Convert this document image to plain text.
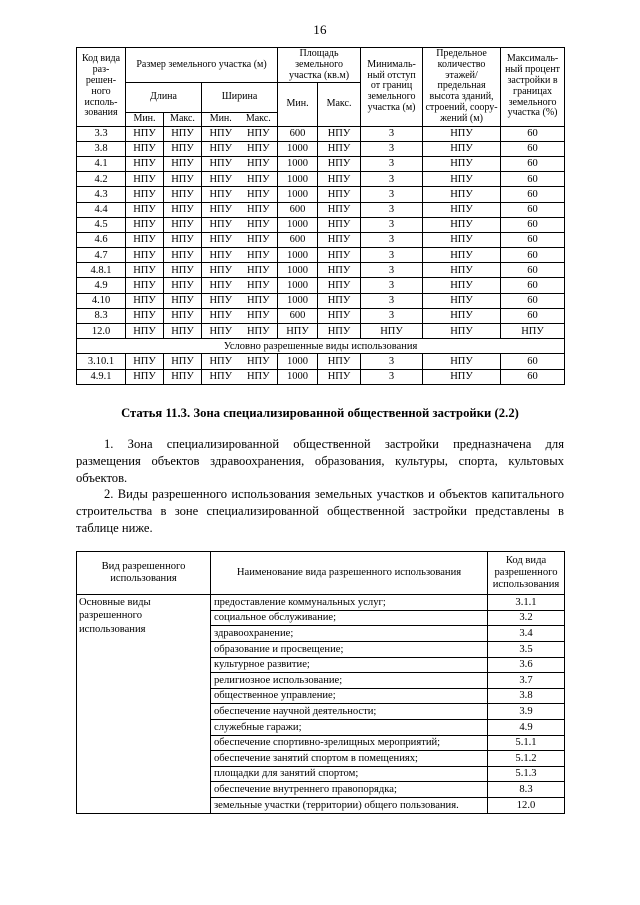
16
Код вида раз-решен-ного исполь-зования	Размер земельного участка (м)				Площадь земельного участка (кв.м)		Минималь-ный отступ от границ земельного участка (м)	Предельное количество этажей/ предельная высота зданий, строений, соору-жений (м)	Максималь-ный процент застройки в границах земельного участка (%)
	Длина		Ширина		Мин.	Макс.			
	Мин.	Макс.	Мин.	Макс.					
3.3	НПУ	НПУ	НПУ	НПУ	600	НПУ	3	НПУ	60
3.8	НПУ	НПУ	НПУ	НПУ	1000	НПУ	3	НПУ	60
4.1	НПУ	НПУ	НПУ	НПУ	1000	НПУ	3	НПУ	60
4.2	НПУ	НПУ	НПУ	НПУ	1000	НПУ	3	НПУ	60
4.3	НПУ	НПУ	НПУ	НПУ	1000	НПУ	3	НПУ	60
4.4	НПУ	НПУ	НПУ	НПУ	600	НПУ	3	НПУ	60
4.5	НПУ	НПУ	НПУ	НПУ	1000	НПУ	3	НПУ	60
4.6	НПУ	НПУ	НПУ	НПУ	600	НПУ	3	НПУ	60
4.7	НПУ	НПУ	НПУ	НПУ	1000	НПУ	3	НПУ	60
4.8.1	НПУ	НПУ	НПУ	НПУ	1000	НПУ	3	НПУ	60
4.9	НПУ	НПУ	НПУ	НПУ	1000	НПУ	3	НПУ	60
4.10	НПУ	НПУ	НПУ	НПУ	1000	НПУ	3	НПУ	60
8.3	НПУ	НПУ	НПУ	НПУ	600	НПУ	3	НПУ	60
12.0	НПУ	НПУ	НПУ	НПУ	НПУ	НПУ	НПУ	НПУ	НПУ
Условно разрешенные виды использования									
3.10.1	НПУ	НПУ	НПУ	НПУ	1000	НПУ	3	НПУ	60
4.9.1	НПУ	НПУ	НПУ	НПУ	1000	НПУ	3	НПУ	60
Статья 11.3. Зона специализированной общественной застройки (2.2)

1. Зона специализированной общественной застройки предназначена для размещения объектов здравоохранения, образования, культуры, спорта, культовых объектов.

2. Виды разрешенного использования земельных участков и объектов капитального строительства в зоне специализированной общественной застройки представлены в таблице ниже.

Вид разрешенного использования	Наименование вида разрешенного использования	Код вида разрешенного использования
Основные виды разрешенного использования	предоставление коммунальных услуг;	3.1.1
	социальное обслуживание;	3.2
	здравоохранение;	3.4
	образование и просвещение;	3.5
	культурное развитие;	3.6
	религиозное использование;	3.7
	общественное управление;	3.8
	обеспечение научной деятельности;	3.9
	служебные гаражи;	4.9
	обеспечение спортивно-зрелищных мероприятий;	5.1.1
	обеспечение занятий спортом в помещениях;	5.1.2
	площадки для занятий спортом;	5.1.3
	обеспечение внутреннего правопорядка;	8.3
	земельные участки (территории) общего пользования.	12.0
